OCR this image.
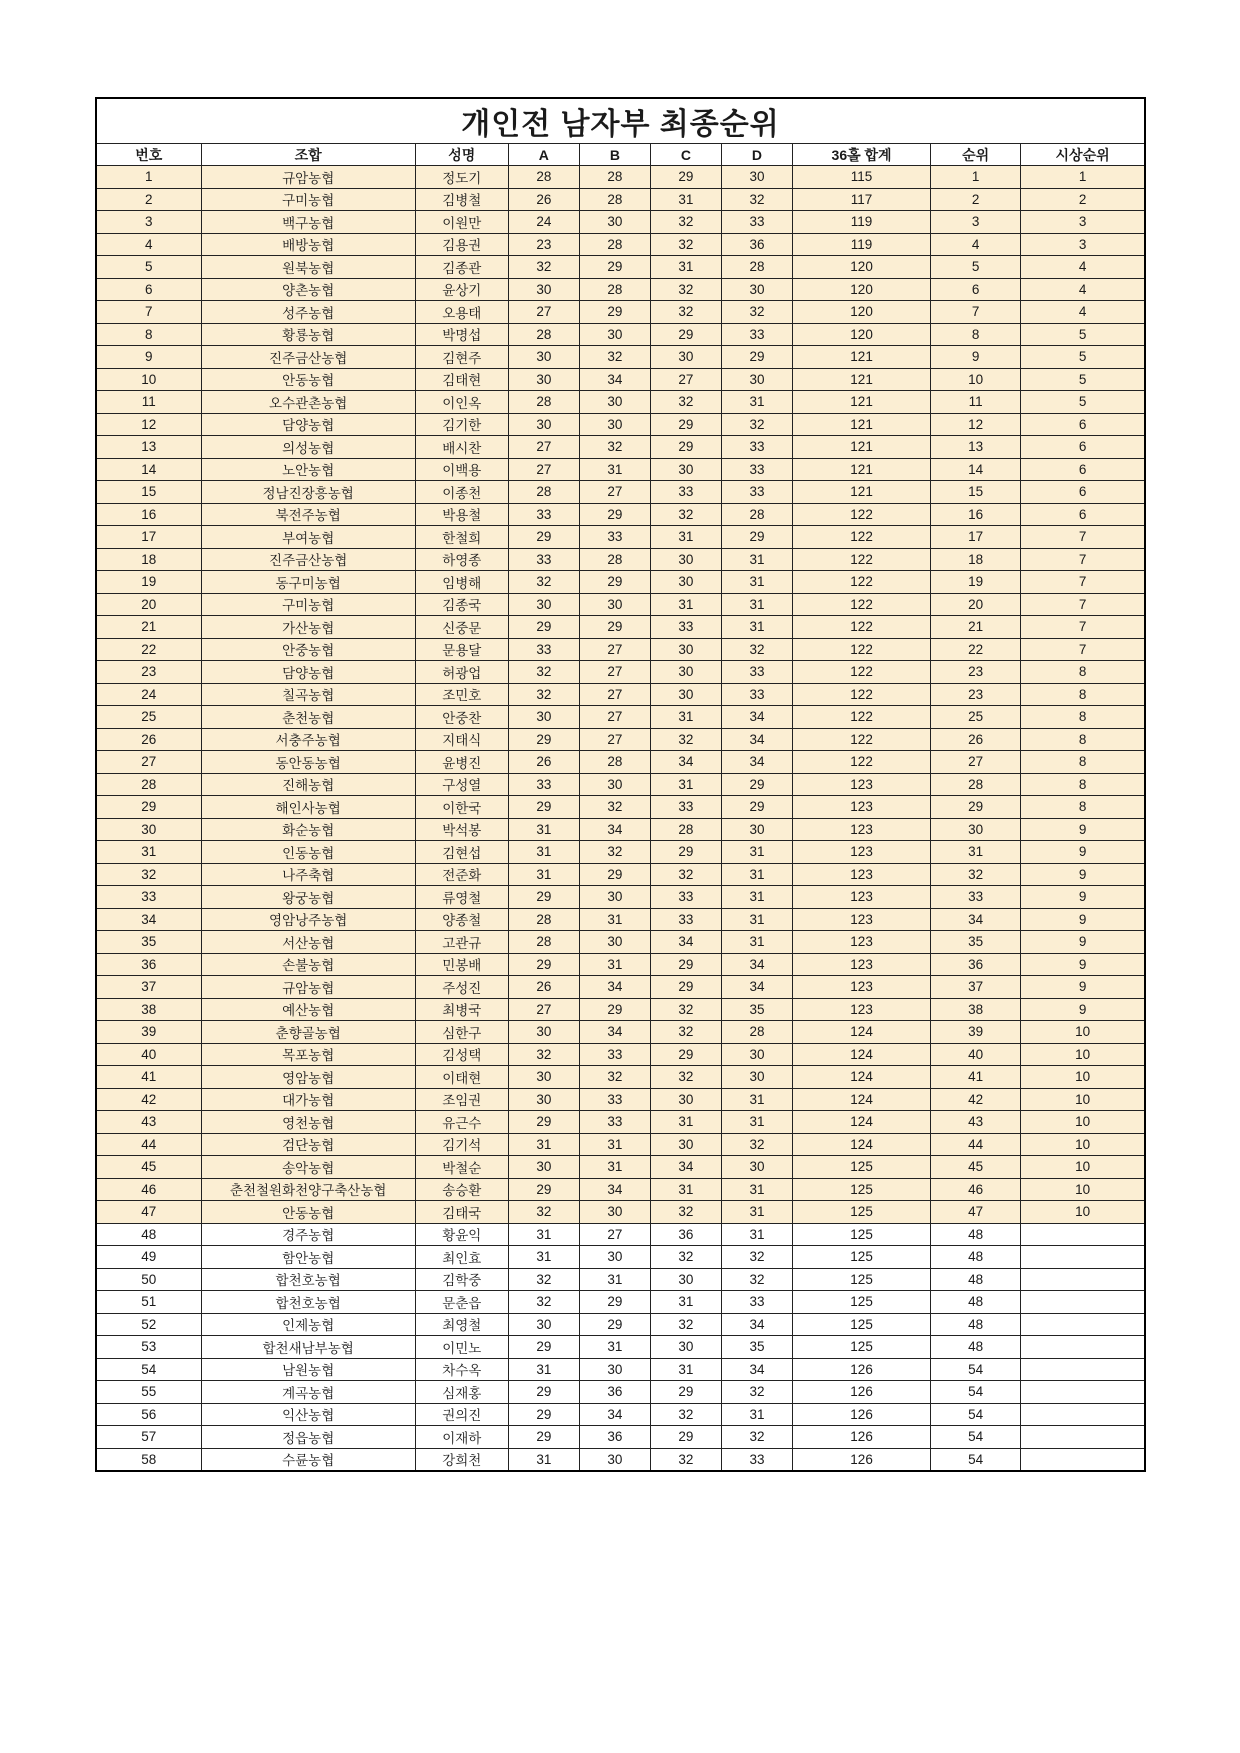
개인전 남자부 최종순위									
번호	조합	성명	A	B	C	D	36홀 합계	순위	시상순위
1	규암농협	정도기	28	28	29	30	115	1	1
2	구미농협	김병철	26	28	31	32	117	2	2
3	백구농협	이원만	24	30	32	33	119	3	3
4	배방농협	김용권	23	28	32	36	119	4	3
5	원북농협	김종관	32	29	31	28	120	5	4
6	양촌농협	윤상기	30	28	32	30	120	6	4
7	성주농협	오용태	27	29	32	32	120	7	4
8	황룡농협	박명섭	28	30	29	33	120	8	5
9	진주금산농협	김현주	30	32	30	29	121	9	5
10	안동농협	김태현	30	34	27	30	121	10	5
11	오수관촌농협	이인옥	28	30	32	31	121	11	5
12	담양농협	김기한	30	30	29	32	121	12	6
13	의성농협	배시찬	27	32	29	33	121	13	6
14	노안농협	이백용	27	31	30	33	121	14	6
15	정남진장흥농협	이종천	28	27	33	33	121	15	6
16	북전주농협	박용철	33	29	32	28	122	16	6
17	부여농협	한철희	29	33	31	29	122	17	7
18	진주금산농협	하영종	33	28	30	31	122	18	7
19	동구미농협	임병해	32	29	30	31	122	19	7
20	구미농협	김종국	30	30	31	31	122	20	7
21	가산농협	신중문	29	29	33	31	122	21	7
22	안중농협	문용달	33	27	30	32	122	22	7
23	담양농협	허광업	32	27	30	33	122	23	8
24	칠곡농협	조민호	32	27	30	33	122	23	8
25	춘천농협	안중찬	30	27	31	34	122	25	8
26	서충주농협	지태식	29	27	32	34	122	26	8
27	동안동농협	윤병진	26	28	34	34	122	27	8
28	진해농협	구성열	33	30	31	29	123	28	8
29	해인사농협	이한국	29	32	33	29	123	29	8
30	화순농협	박석봉	31	34	28	30	123	30	9
31	인동농협	김현섭	31	32	29	31	123	31	9
32	나주축협	전준화	31	29	32	31	123	32	9
33	왕궁농협	류영철	29	30	33	31	123	33	9
34	영암낭주농협	양종철	28	31	33	31	123	34	9
35	서산농협	고관규	28	30	34	31	123	35	9
36	손불농협	민봉배	29	31	29	34	123	36	9
37	규암농협	주성진	26	34	29	34	123	37	9
38	예산농협	최병국	27	29	32	35	123	38	9
39	춘향골농협	심한구	30	34	32	28	124	39	10
40	목포농협	김성택	32	33	29	30	124	40	10
41	영암농협	이태현	30	32	32	30	124	41	10
42	대가농협	조임권	30	33	30	31	124	42	10
43	영천농협	유근수	29	33	31	31	124	43	10
44	검단농협	김기석	31	31	30	32	124	44	10
45	송악농협	박철순	30	31	34	30	125	45	10
46	춘천철원화천양구축산농협	송승환	29	34	31	31	125	46	10
47	안동농협	김태국	32	30	32	31	125	47	10
48	경주농협	황윤익	31	27	36	31	125	48	
49	함안농협	최인효	31	30	32	32	125	48	
50	합천호농협	김학중	32	31	30	32	125	48	
51	합천호농협	문춘읍	32	29	31	33	125	48	
52	인제농협	최영철	30	29	32	34	125	48	
53	합천새남부농협	이민노	29	31	30	35	125	48	
54	남원농협	차수옥	31	30	31	34	126	54	
55	계곡농협	심재홍	29	36	29	32	126	54	
56	익산농협	권의진	29	34	32	31	126	54	
57	정읍농협	이재하	29	36	29	32	126	54	
58	수륜농협	강희천	31	30	32	33	126	54	
